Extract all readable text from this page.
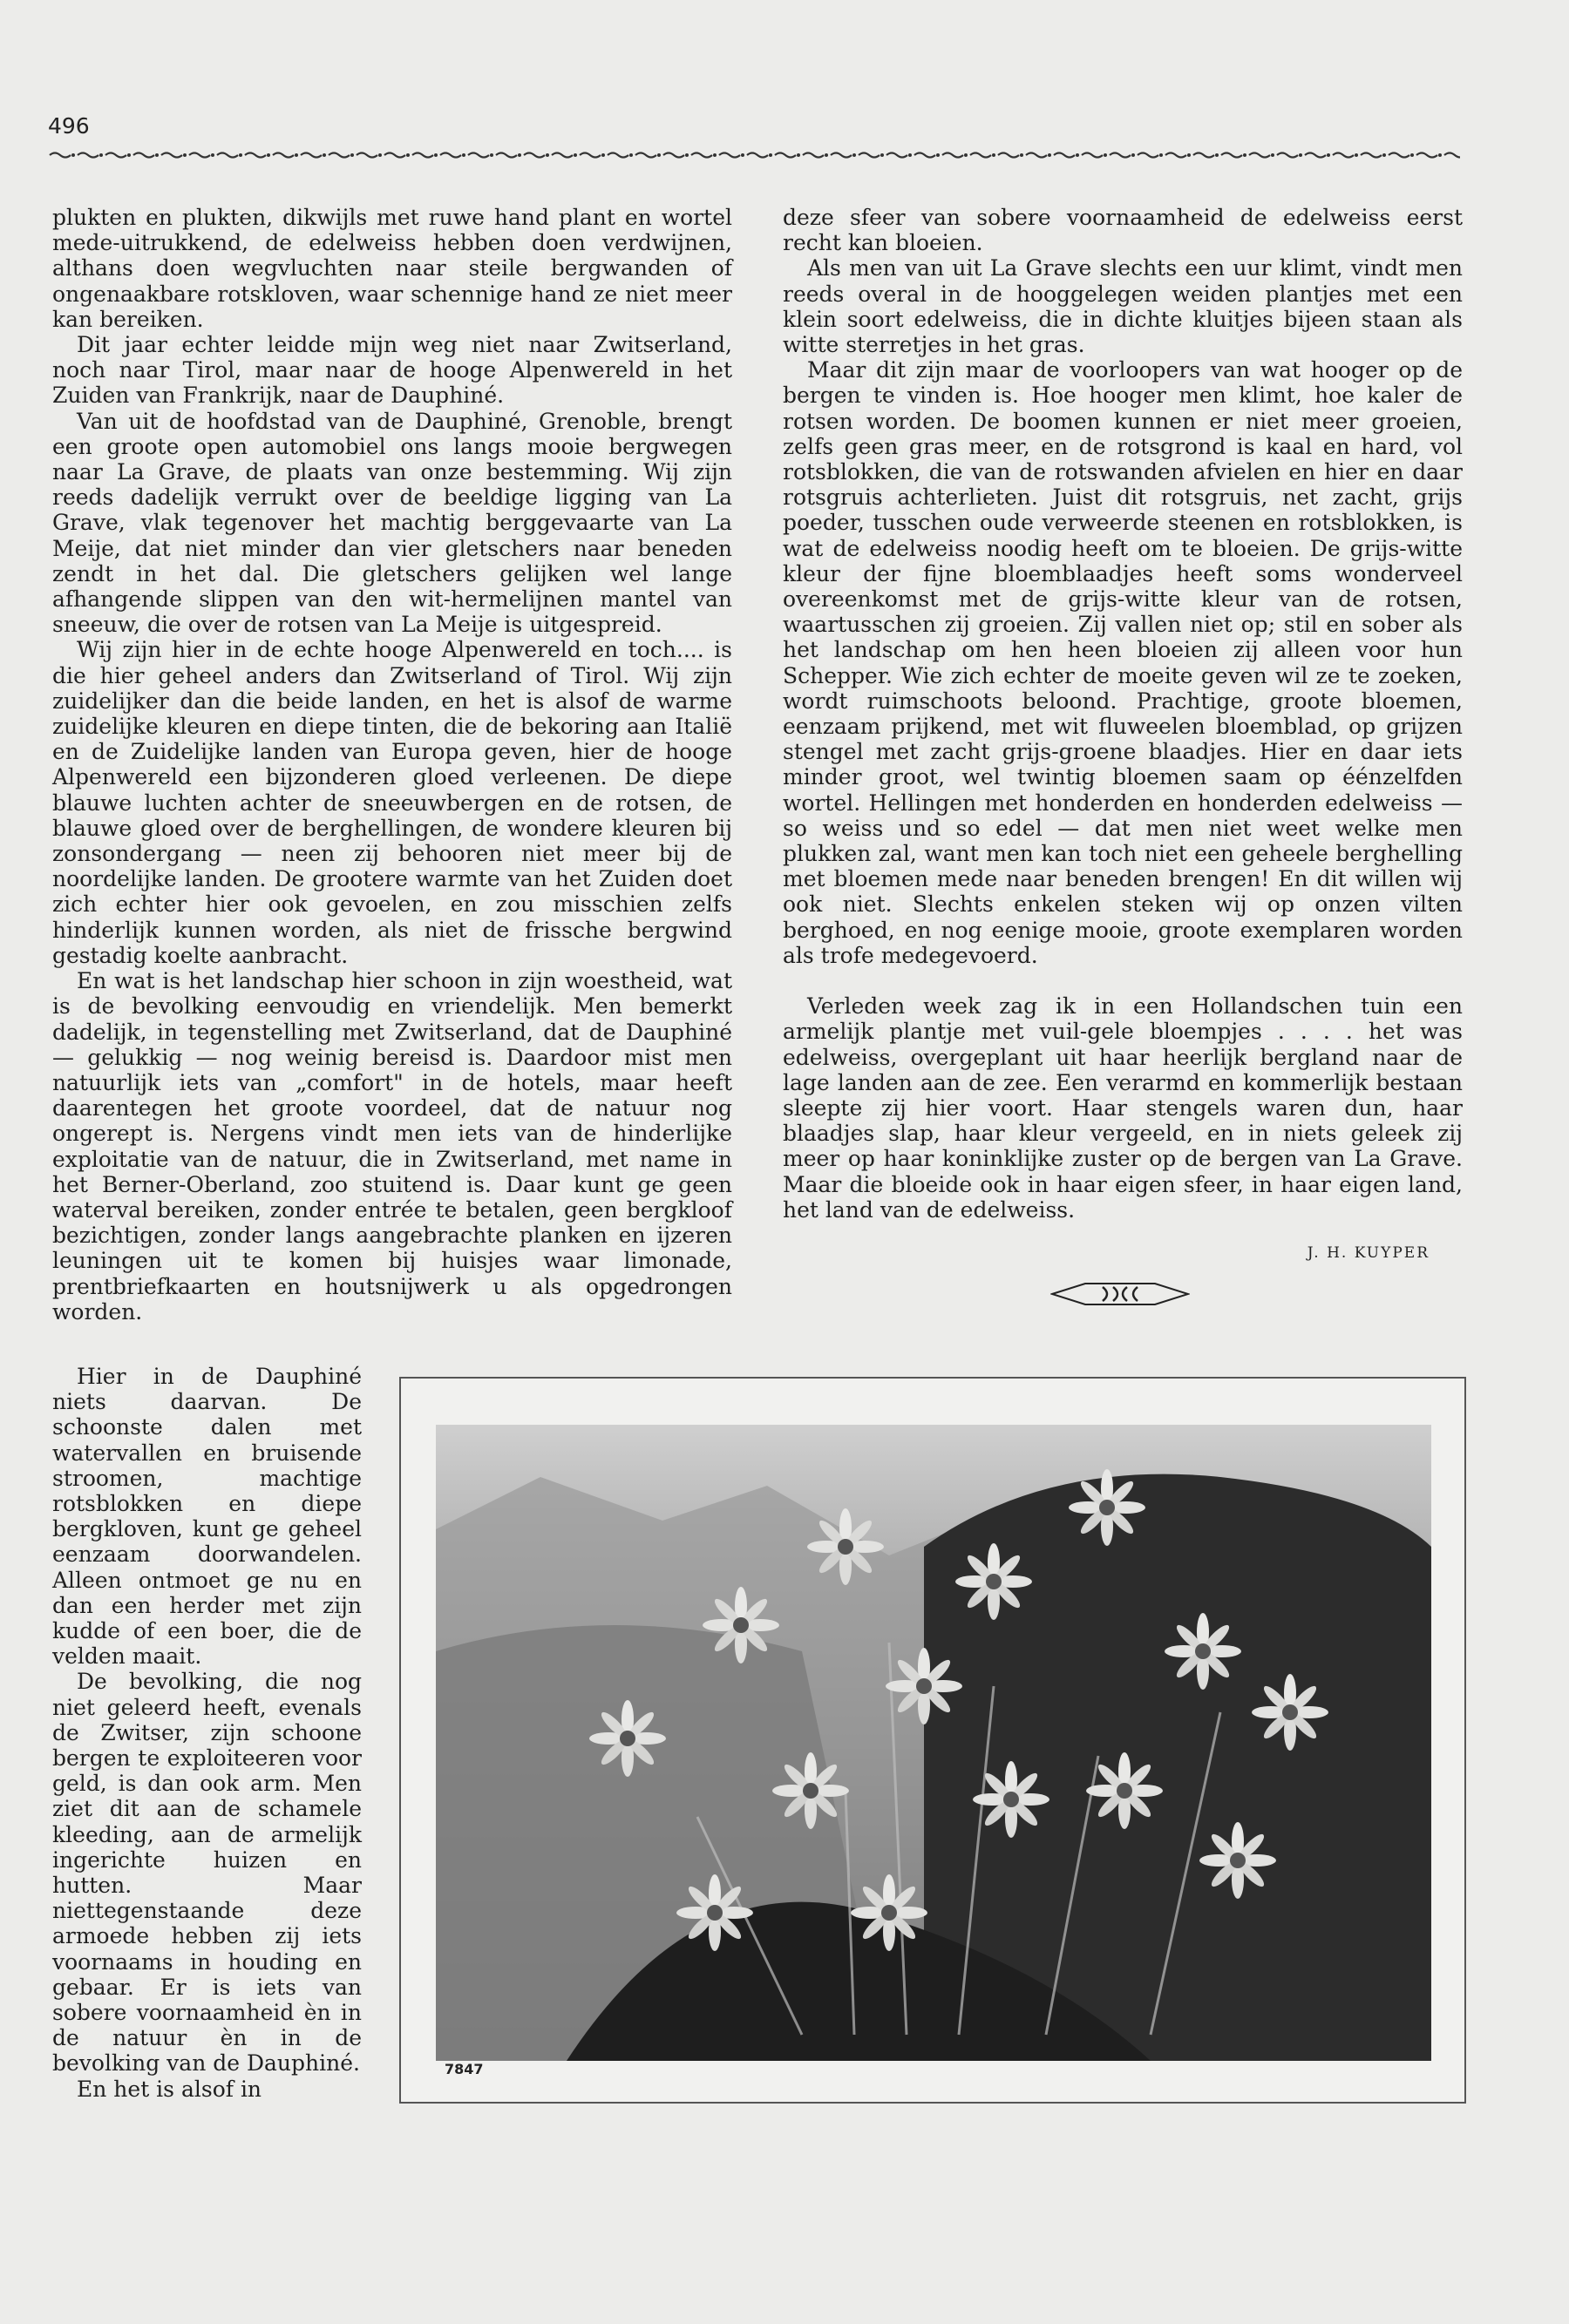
496

plukten en plukten, dikwijls met ruwe hand plant en wortel mede-uitrukkend, de edelweiss hebben doen verdwijnen, althans doen wegvluchten naar steile bergwanden of ongenaakbare rotskloven, waar schennige hand ze niet meer kan bereiken.

Dit jaar echter leidde mijn weg niet naar Zwitserland, noch naar Tirol, maar naar de hooge Alpenwereld in het Zuiden van Frankrijk, naar de Dauphiné.

Van uit de hoofdstad van de Dauphiné, Grenoble, brengt een groote open automobiel ons langs mooie bergwegen naar La Grave, de plaats van onze bestemming. Wij zijn reeds dadelijk verrukt over de beeldige ligging van La Grave, vlak tegenover het machtig berggevaarte van La Meije, dat niet minder dan vier gletschers naar beneden zendt in het dal. Die gletschers gelijken wel lange afhangende slippen van den wit-hermelijnen mantel van sneeuw, die over de rotsen van La Meije is uitgespreid.

Wij zijn hier in de echte hooge Alpenwereld en toch.... is die hier geheel anders dan Zwitserland of Tirol. Wij zijn zuidelijker dan die beide landen, en het is alsof de warme zuidelijke kleuren en diepe tinten, die de bekoring aan Italië en de Zuidelijke landen van Europa geven, hier de hooge Alpenwereld een bijzonderen gloed verleenen. De diepe blauwe luchten achter de sneeuwbergen en de rotsen, de blauwe gloed over de berghellingen, de wondere kleuren bij zonsondergang — neen zij behooren niet meer bij de noordelijke landen. De grootere warmte van het Zuiden doet zich echter hier ook gevoelen, en zou misschien zelfs hinderlijk kunnen worden, als niet de frissche bergwind gestadig koelte aanbracht.

En wat is het landschap hier schoon in zijn woestheid, wat is de bevolking eenvoudig en vriendelijk. Men bemerkt dadelijk, in tegenstelling met Zwitserland, dat de Dauphiné — gelukkig — nog weinig bereisd is. Daardoor mist men natuurlijk iets van „comfort" in de hotels, maar heeft daarentegen het groote voordeel, dat de natuur nog ongerept is. Nergens vindt men iets van de hinderlijke exploitatie van de natuur, die in Zwitserland, met name in het Berner-Oberland, zoo stuitend is. Daar kunt ge geen waterval bereiken, zonder entrée te betalen, geen bergkloof bezichtigen, zonder langs aangebrachte planken en ijzeren leuningen uit te komen bij huisjes waar limonade, prentbriefkaarten en houtsnijwerk u als opgedrongen worden.

Hier in de Dauphiné niets daarvan. De schoonste dalen met watervallen en bruisende stroomen, machtige rotsblokken en diepe bergkloven, kunt ge geheel eenzaam doorwandelen. Alleen ontmoet ge nu en dan een herder met zijn kudde of een boer, die de velden maait.

De bevolking, die nog niet geleerd heeft, evenals de Zwitser, zijn schoone bergen te exploiteeren voor geld, is dan ook arm. Men ziet dit aan de schamele kleeding, aan de armelijk ingerichte huizen en hutten. Maar niettegenstaande deze armoede hebben zij iets voornaams in houding en gebaar. Er is iets van sobere voornaamheid èn in de natuur èn in de bevolking van de Dauphiné.

En het is alsof in

deze sfeer van sobere voornaamheid de edelweiss eerst recht kan bloeien.

Als men van uit La Grave slechts een uur klimt, vindt men reeds overal in de hooggelegen weiden plantjes met een klein soort edelweiss, die in dichte kluitjes bijeen staan als witte sterretjes in het gras.

Maar dit zijn maar de voorloopers van wat hooger op de bergen te vinden is. Hoe hooger men klimt, hoe kaler de rotsen worden. De boomen kunnen er niet meer groeien, zelfs geen gras meer, en de rotsgrond is kaal en hard, vol rotsblokken, die van de rotswanden afvielen en hier en daar rotsgruis achterlieten. Juist dit rotsgruis, net zacht, grijs poeder, tusschen oude verweerde steenen en rotsblokken, is wat de edelweiss noodig heeft om te bloeien. De grijs-witte kleur der fijne bloemblaadjes heeft soms wonderveel overeenkomst met de grijs-witte kleur van de rotsen, waartusschen zij groeien. Zij vallen niet op; stil en sober als het landschap om hen heen bloeien zij alleen voor hun Schepper. Wie zich echter de moeite geven wil ze te zoeken, wordt ruimschoots beloond. Prachtige, groote bloemen, eenzaam prijkend, met wit fluweelen bloemblad, op grijzen stengel met zacht grijs-groene blaadjes. Hier en daar iets minder groot, wel twintig bloemen saam op éénzelfden wortel. Hellingen met honderden en honderden edelweiss — so weiss und so edel — dat men niet weet welke men plukken zal, want men kan toch niet een geheele berghelling met bloemen mede naar beneden brengen! En dit willen wij ook niet. Slechts enkelen steken wij op onzen vilten berghoed, en nog eenige mooie, groote exemplaren worden als trofe medegevoerd.

Verleden week zag ik in een Hollandschen tuin een armelijk plantje met vuil-gele bloempjes . . . . het was edelweiss, overgeplant uit haar heerlijk bergland naar de lage landen aan de zee. Een verarmd en kommerlijk bestaan sleepte zij hier voort. Haar stengels waren dun, haar blaadjes slap, haar kleur vergeeld, en in niets geleek zij meer op haar koninklijke zuster op de bergen van La Grave. Maar die bloeide ook in haar eigen sfeer, in haar eigen land, het land van de edelweiss.

J. H. KUYPER
7847
